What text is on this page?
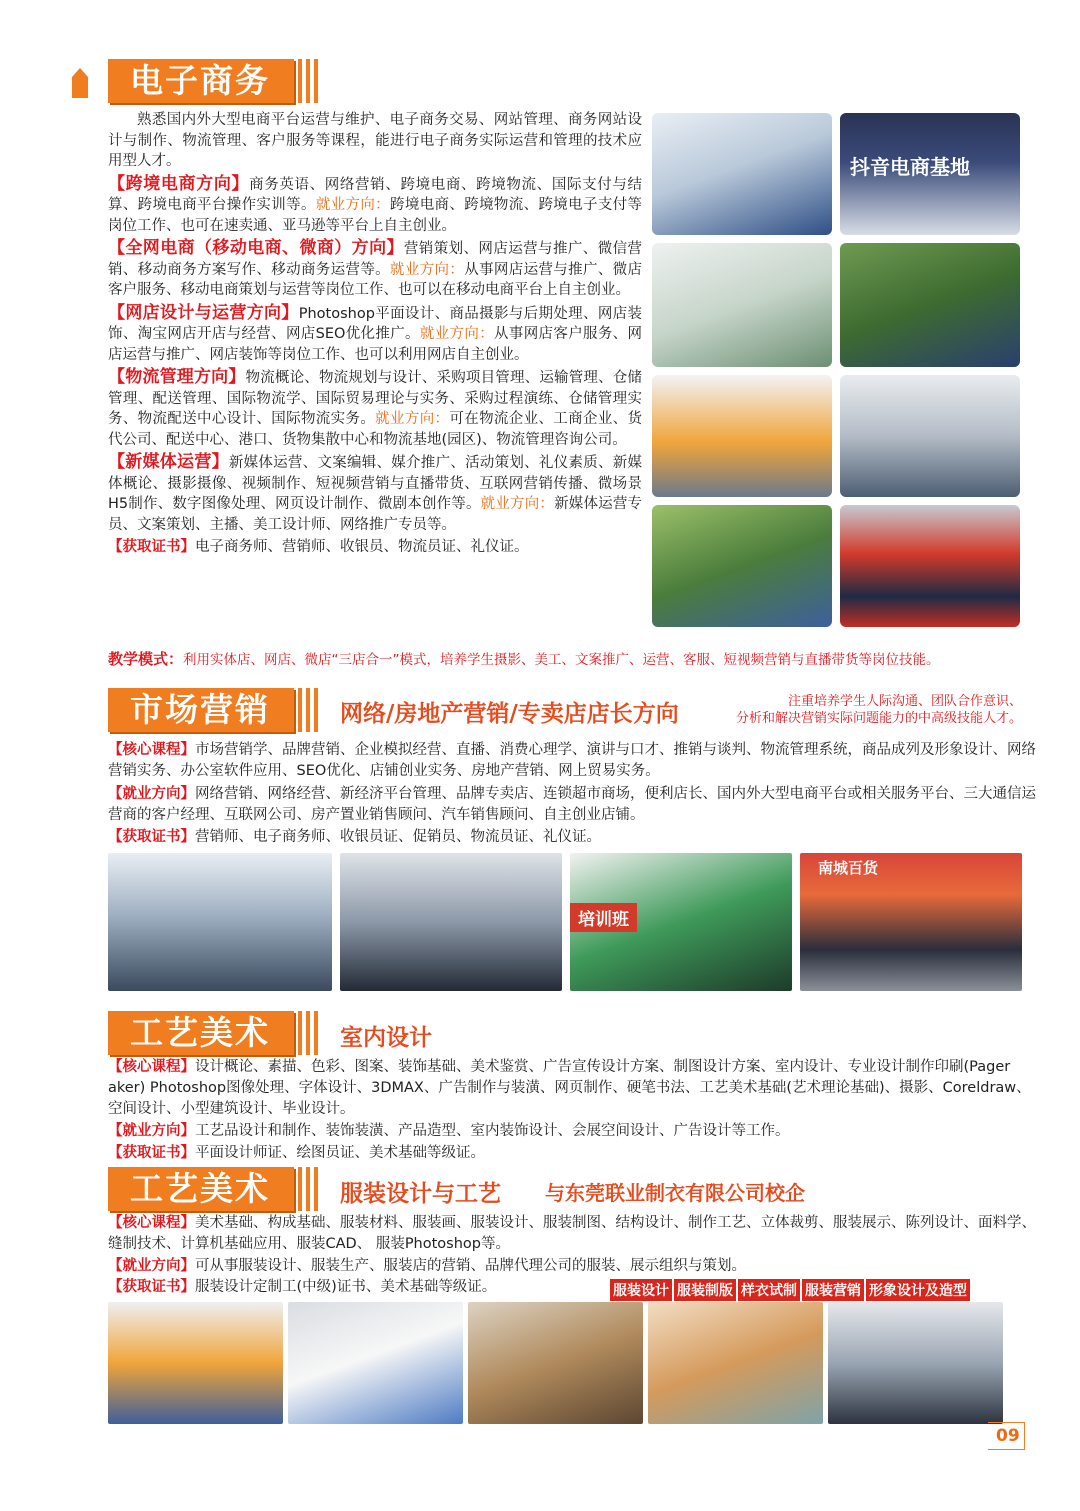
电子商务
熟悉国内外大型电商平台运营与维护、电子商务交易、网站管理、商务网站设计与制作、物流管理、客户服务等课程，能进行电子商务实际运营和管理的技术应用型人才。
【跨境电商方向】商务英语、网络营销、跨境电商、跨境物流、国际支付与结算、跨境电商平台操作实训等。就业方向：跨境电商、跨境物流、跨境电子支付等岗位工作、也可在速卖通、亚马逊等平台上自主创业。
【全网电商（移动电商、微商）方向】营销策划、网店运营与推广、微信营销、移动商务方案写作、移动商务运营等。就业方向：从事网店运营与推广、微店客户服务、移动电商策划与运营等岗位工作、也可以在移动电商平台上自主创业。
【网店设计与运营方向】Photoshop平面设计、商品摄影与后期处理、网店装饰、淘宝网店开店与经营、网店SEO优化推广。就业方向：从事网店客户服务、网店运营与推广、网店装饰等岗位工作、也可以利用网店自主创业。
【物流管理方向】物流概论、物流规划与设计、采购项目管理、运输管理、仓储管理、配送管理、国际物流学、国际贸易理论与实务、采购过程演练、仓储管理实务、物流配送中心设计、国际物流实务。就业方向：可在物流企业、工商企业、货代公司、配送中心、港口、货物集散中心和物流基地(园区)、物流管理咨询公司。
【新媒体运营】新媒体运营、文案编辑、媒介推广、活动策划、礼仪素质、新媒体概论、摄影摄像、视频制作、短视频营销与直播带货、互联网营销传播、微场景H5制作、数字图像处理、网页设计制作、微剧本创作等。就业方向：新媒体运营专员、文案策划、主播、美工设计师、网络推广专员等。
【获取证书】电子商务师、营销师、收银员、物流员证、礼仪证。
抖音电商基地
教学模式：利用实体店、网店、微店“三店合一”模式，培养学生摄影、美工、文案推广、运营、客服、短视频营销与直播带货等岗位技能。
市场营销	网络/房地产营销/专卖店店长方向	注重培养学生人际沟通、团队合作意识、
分析和解决营销实际问题能力的中高级技能人才。
【核心课程】市场营销学、品牌营销、企业模拟经营、直播、消费心理学、演讲与口才、推销与谈判、物流管理系统，商品成列及形象设计、网络营销实务、办公室软件应用、SEO优化、店铺创业实务、房地产营销、网上贸易实务。
【就业方向】网络营销、网络经营、新经济平台管理、品牌专卖店、连锁超市商场，便利店长、国内外大型电商平台或相关服务平台、三大通信运营商的客户经理、互联网公司、房产置业销售顾问、汽车销售顾问、自主创业店铺。
【获取证书】营销师、电子商务师、收银员证、促销员、物流员证、礼仪证。
培训班
南城百货
工艺美术	室内设计
【核心课程】设计概论、素描、色彩、图案、装饰基础、美术鉴赏、广告宣传设计方案、制图设计方案、室内设计、专业设计制作印刷(Pager aker) Photoshop图像处理、字体设计、3DMAX、广告制作与装潢、网页制作、硬笔书法、工艺美术基础(艺术理论基础)、摄影、Coreldraw、空间设计、小型建筑设计、毕业设计。
【就业方向】工艺品设计和制作、装饰装潢、产品造型、室内装饰设计、会展空间设计、广告设计等工作。
【获取证书】平面设计师证、绘图员证、美术基础等级证。
工艺美术	服装设计与工艺 与东莞联业制衣有限公司校企
【核心课程】美术基础、构成基础、服装材料、服装画、服装设计、服装制图、结构设计、制作工艺、立体裁剪、服装展示、陈列设计、面料学、缝制技术、计算机基础应用、服装CAD、 服装Photoshop等。
【就业方向】可从事服装设计、服装生产、服装店的营销、品牌代理公司的服装、展示组织与策划。
【获取证书】服装设计定制工(中级)证书、美术基础等级证。	服装设计 服装制版 样衣试制 服装营销 形象设计及造型
09
